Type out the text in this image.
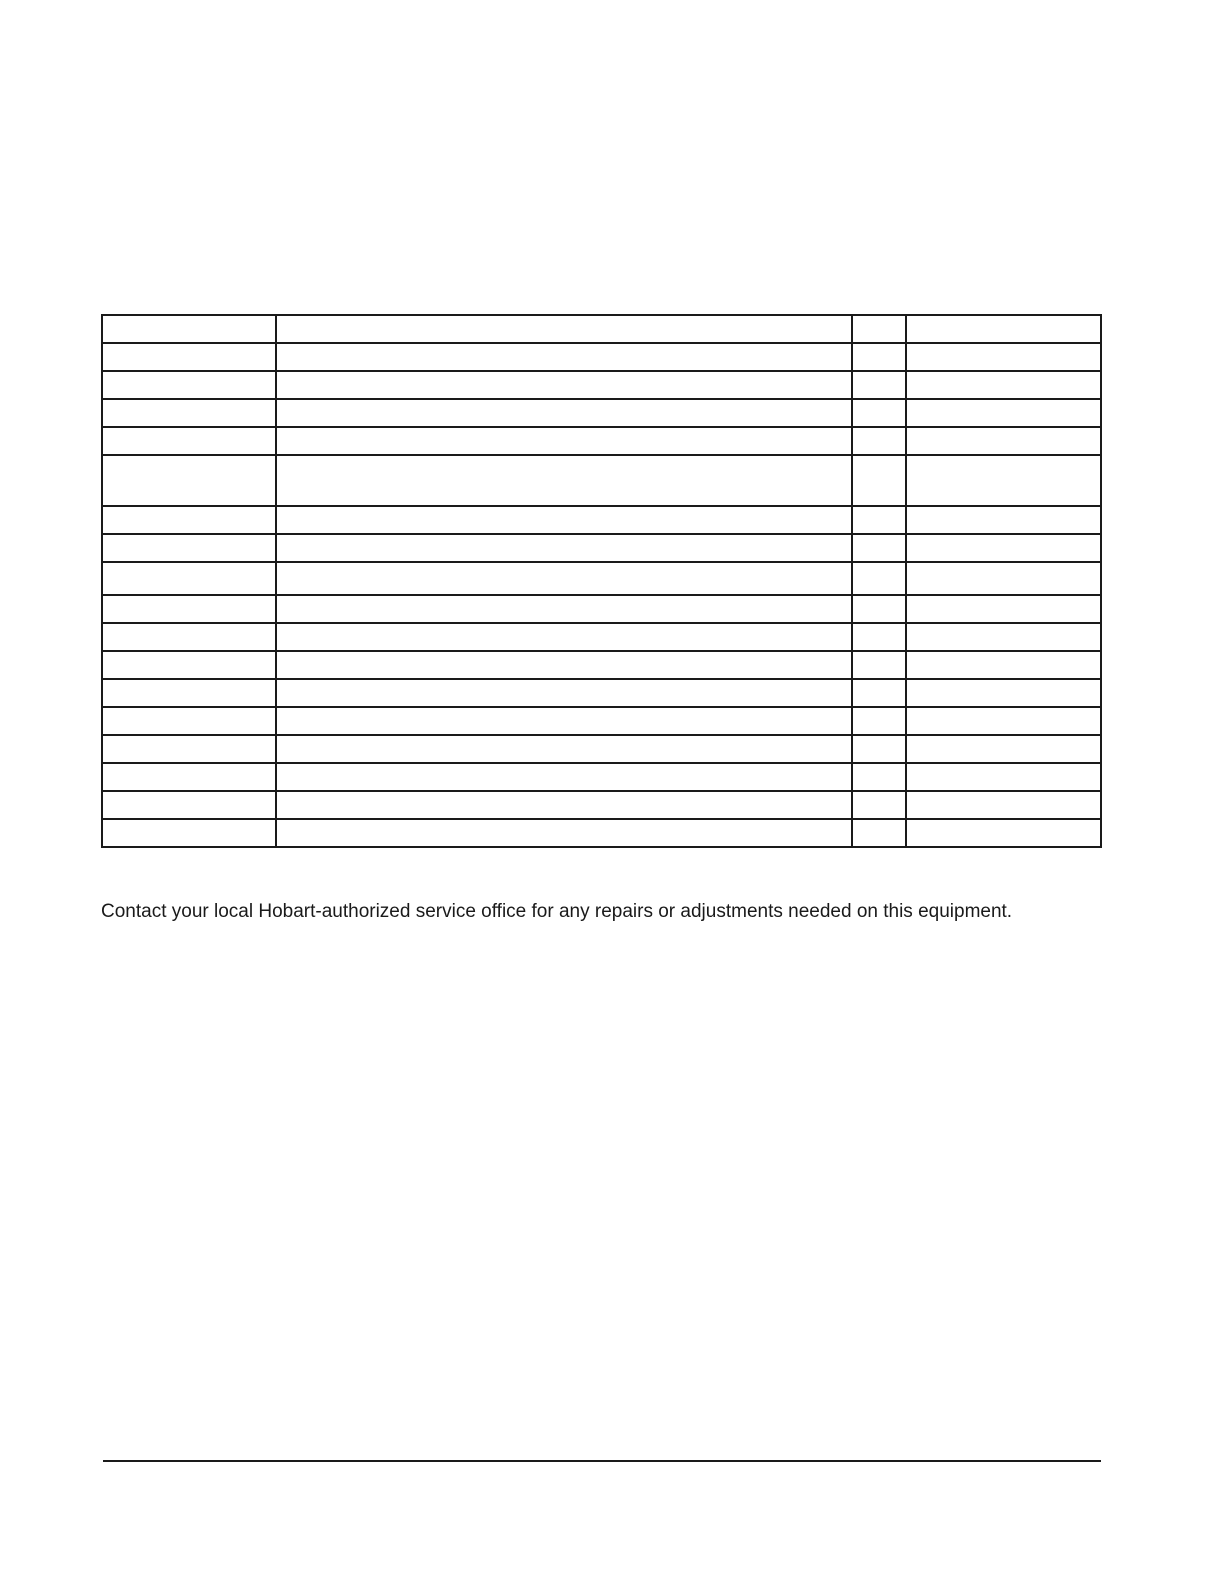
Contact your local Hobart-authorized service office for any repairs or adjustments needed on this equipment.
